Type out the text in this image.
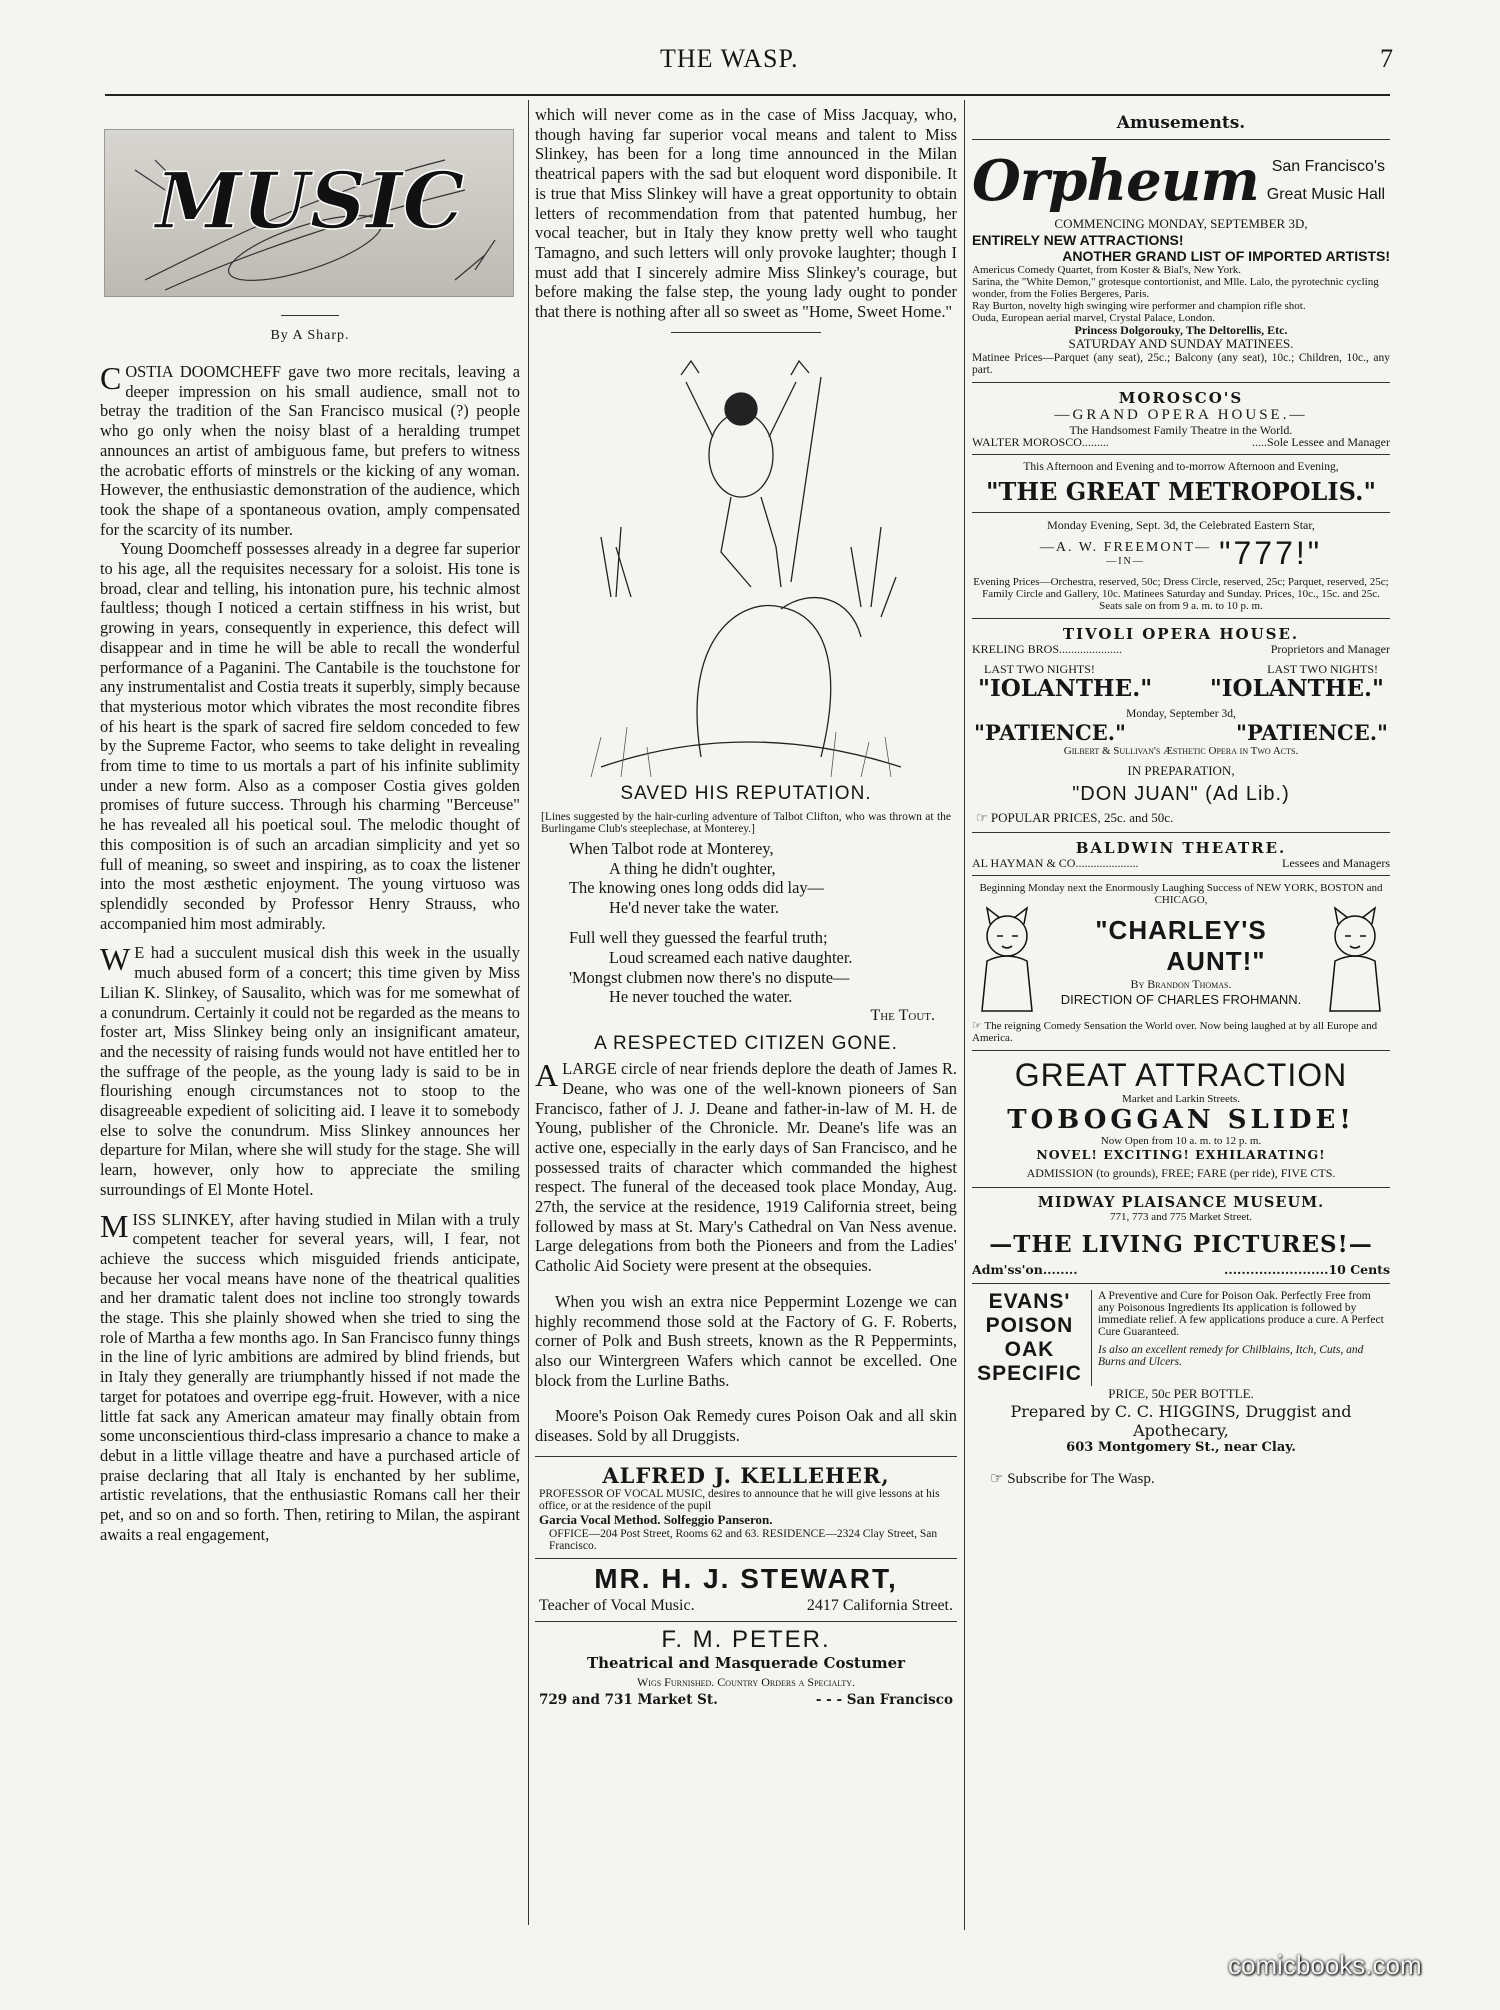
THE WASP.	7
MUSIC
By A Sharp.

COSTIA DOOMCHEFF gave two more recitals, leaving a deeper impression on his small audience, small not to betray the tradition of the San Francisco musical (?) people who go only when the noisy blast of a heralding trumpet announces an artist of ambiguous fame, but prefers to witness the acrobatic efforts of minstrels or the kicking of any woman. However, the enthusiastic demonstration of the audience, which took the shape of a spontaneous ovation, amply compensated for the scarcity of its number.

Young Doomcheff possesses already in a degree far superior to his age, all the requisites necessary for a soloist. His tone is broad, clear and telling, his intonation pure, his technic almost faultless; though I noticed a certain stiffness in his wrist, but growing in years, consequently in experience, this defect will disappear and in time he will be able to recall the wonderful performance of a Paganini. The Cantabile is the touchstone for any instrumentalist and Costia treats it superbly, simply because that mysterious motor which vibrates the most recondite fibres of his heart is the spark of sacred fire seldom conceded to few by the Supreme Factor, who seems to take delight in revealing from time to time to us mortals a part of his infinite sublimity under a new form. Also as a composer Costia gives golden promises of future success. Through his charming "Berceuse" he has revealed all his poetical soul. The melodic thought of this composition is of such an arcadian simplicity and yet so full of meaning, so sweet and inspiring, as to coax the listener into the most æsthetic enjoyment. The young virtuoso was splendidly seconded by Professor Henry Strauss, who accompanied him most admirably.

WE had a succulent musical dish this week in the usually much abused form of a concert; this time given by Miss Lilian K. Slinkey, of Sausalito, which was for me somewhat of a conundrum. Certainly it could not be regarded as the means to foster art, Miss Slinkey being only an insignificant amateur, and the necessity of raising funds would not have entitled her to the suffrage of the people, as the young lady is said to be in flourishing enough circumstances not to stoop to the disagreeable expedient of soliciting aid. I leave it to somebody else to solve the conundrum. Miss Slinkey announces her departure for Milan, where she will study for the stage. She will learn, however, only how to appreciate the smiling surroundings of El Monte Hotel.

MISS SLINKEY, after having studied in Milan with a truly competent teacher for several years, will, I fear, not achieve the success which misguided friends anticipate, because her vocal means have none of the theatrical qualities and her dramatic talent does not incline too strongly towards the stage. This she plainly showed when she tried to sing the role of Martha a few months ago. In San Francisco funny things in the line of lyric ambitions are admired by blind friends, but in Italy they generally are triumphantly hissed if not made the target for potatoes and overripe egg-fruit. However, with a nice little fat sack any American amateur may finally obtain from some unconscientious third-class impresario a chance to make a debut in a little village theatre and have a purchased article of praise declaring that all Italy is enchanted by her sublime, artistic revelations, that the enthusiastic Romans call her their pet, and so on and so forth. Then, retiring to Milan, the aspirant awaits a real engagement,

which will never come as in the case of Miss Jacquay, who, though having far superior vocal means and talent to Miss Slinkey, has been for a long time announced in the Milan theatrical papers with the sad but eloquent word disponibile. It is true that Miss Slinkey will have a great opportunity to obtain letters of recommendation from that patented humbug, her vocal teacher, but in Italy they know pretty well who taught Tamagno, and such letters will only provoke laughter; though I must add that I sincerely admire Miss Slinkey's courage, but before making the false step, the young lady ought to ponder that there is nothing after all so sweet as "Home, Sweet Home."

SAVED HIS REPUTATION.

[Lines suggested by the hair-curling adventure of Talbot Clifton, who was thrown at the Burlingame Club's steeplechase, at Monterey.]

When Talbot rode at Monterey,
A thing he didn't oughter,
The knowing ones long odds did lay—
He'd never take the water.
Full well they guessed the fearful truth;
Loud screamed each native daughter.
'Mongst clubmen now there's no dispute—
He never touched the water.
The Tout.
A RESPECTED CITIZEN GONE.

ALARGE circle of near friends deplore the death of James R. Deane, who was one of the well-known pioneers of San Francisco, father of J. J. Deane and father-in-law of M. H. de Young, publisher of the Chronicle. Mr. Deane's life was an active one, especially in the early days of San Francisco, and he possessed traits of character which commanded the highest respect. The funeral of the deceased took place Monday, Aug. 27th, the service at the residence, 1919 California street, being followed by mass at St. Mary's Cathedral on Van Ness avenue. Large delegations from both the Pioneers and from the Ladies' Catholic Aid Society were present at the obsequies.

When you wish an extra nice Peppermint Lozenge we can highly recommend those sold at the Factory of G. F. Roberts, corner of Polk and Bush streets, known as the R Peppermints, also our Wintergreen Wafers which cannot be excelled. One block from the Lurline Baths.

Moore's Poison Oak Remedy cures Poison Oak and all skin diseases. Sold by all Druggists.

ALFRED J. KELLEHER,
PROFESSOR OF VOCAL MUSIC, desires to announce that he will give lessons at his office, or at the residence of the pupil
Garcia Vocal Method. Solfeggio Panseron.
OFFICE—204 Post Street, Rooms 62 and 63. RESIDENCE—2324 Clay Street, San Francisco.
MR. H. J. STEWART,
Teacher of Vocal Music.	2417 California Street.
F. M. PETER.
Theatrical and Masquerade Costumer
Wigs Furnished. Country Orders a Specialty.
729 and 731 Market St.	- - - San Francisco
Amusements.
Orpheum San Francisco's
Great Music Hall
COMMENCING MONDAY, SEPTEMBER 3D,
ENTIRELY NEW ATTRACTIONS!
ANOTHER GRAND LIST OF IMPORTED ARTISTS!
Americus Comedy Quartet, from Koster & Bial's, New York.
Sarina, the "White Demon," grotesque contortionist, and Mlle. Lalo, the pyrotechnic cycling wonder, from the Folies Bergeres, Paris.
Ray Burton, novelty high swinging wire performer and champion rifle shot.
Ouda, European aerial marvel, Crystal Palace, London.
Princess Dolgorouky, The Deltorellis, Etc.
SATURDAY AND SUNDAY MATINEES.
Matinee Prices—Parquet (any seat), 25c.; Balcony (any seat), 10c.; Children, 10c., any part.
MOROSCO'S
—GRAND OPERA HOUSE.—
The Handsomest Family Theatre in the World.
WALTER MOROSCO.........	.....Sole Lessee and Manager
This Afternoon and Evening and to-morrow Afternoon and Evening,
"THE GREAT METROPOLIS."
Monday Evening, Sept. 3d, the Celebrated Eastern Star,
—A. W. FREEMONT—
—IN—	"777!"
Evening Prices—Orchestra, reserved, 50c; Dress Circle, reserved, 25c; Parquet, reserved, 25c; Family Circle and Gallery, 10c. Matinees Saturday and Sunday. Prices, 10c., 15c. and 25c. Seats sale on from 9 a. m. to 10 p. m.
TIVOLI OPERA HOUSE.
KRELING BROS.....................	Proprietors and Manager
LAST TWO NIGHTS!	LAST TWO NIGHTS!
"IOLANTHE."	"IOLANTHE."
Monday, September 3d,
"PATIENCE."	"PATIENCE."
Gilbert & Sullivan's Æsthetic Opera in Two Acts.
IN PREPARATION,
"DON JUAN" (Ad Lib.)
☞ POPULAR PRICES, 25c. and 50c.
BALDWIN THEATRE.
AL HAYMAN & CO.....................	Lessees and Managers
Beginning Monday next the Enormously Laughing Success of NEW YORK, BOSTON and CHICAGO,
"CHARLEY'S
AUNT!"
By Brandon Thomas.
DIRECTION OF CHARLES FROHMANN.
☞ The reigning Comedy Sensation the World over. Now being laughed at by all Europe and America.
GREAT ATTRACTION
Market and Larkin Streets.
TOBOGGAN SLIDE!
Now Open from 10 a. m. to 12 p. m.
NOVEL! EXCITING! EXHILARATING!
ADMISSION (to grounds), FREE; FARE (per ride), FIVE CTS.
MIDWAY PLAISANCE MUSEUM.
771, 773 and 775 Market Street.
—THE LIVING PICTURES!—
Adm'ss'on........	........................10 Cents
EVANS'
POISON
OAK
SPECIFIC
A Preventive and Cure for Poison Oak. Perfectly Free from any Poisonous Ingredients Its application is followed by immediate relief. A few applications produce a cure. A Perfect Cure Guaranteed.
Is also an excellent remedy for Chilblains, Itch, Cuts, and Burns and Ulcers.
PRICE, 50c PER BOTTLE.
Prepared by C. C. HIGGINS, Druggist and Apothecary,
603 Montgomery St., near Clay.
☞ Subscribe for The Wasp.
comicbooks.com
